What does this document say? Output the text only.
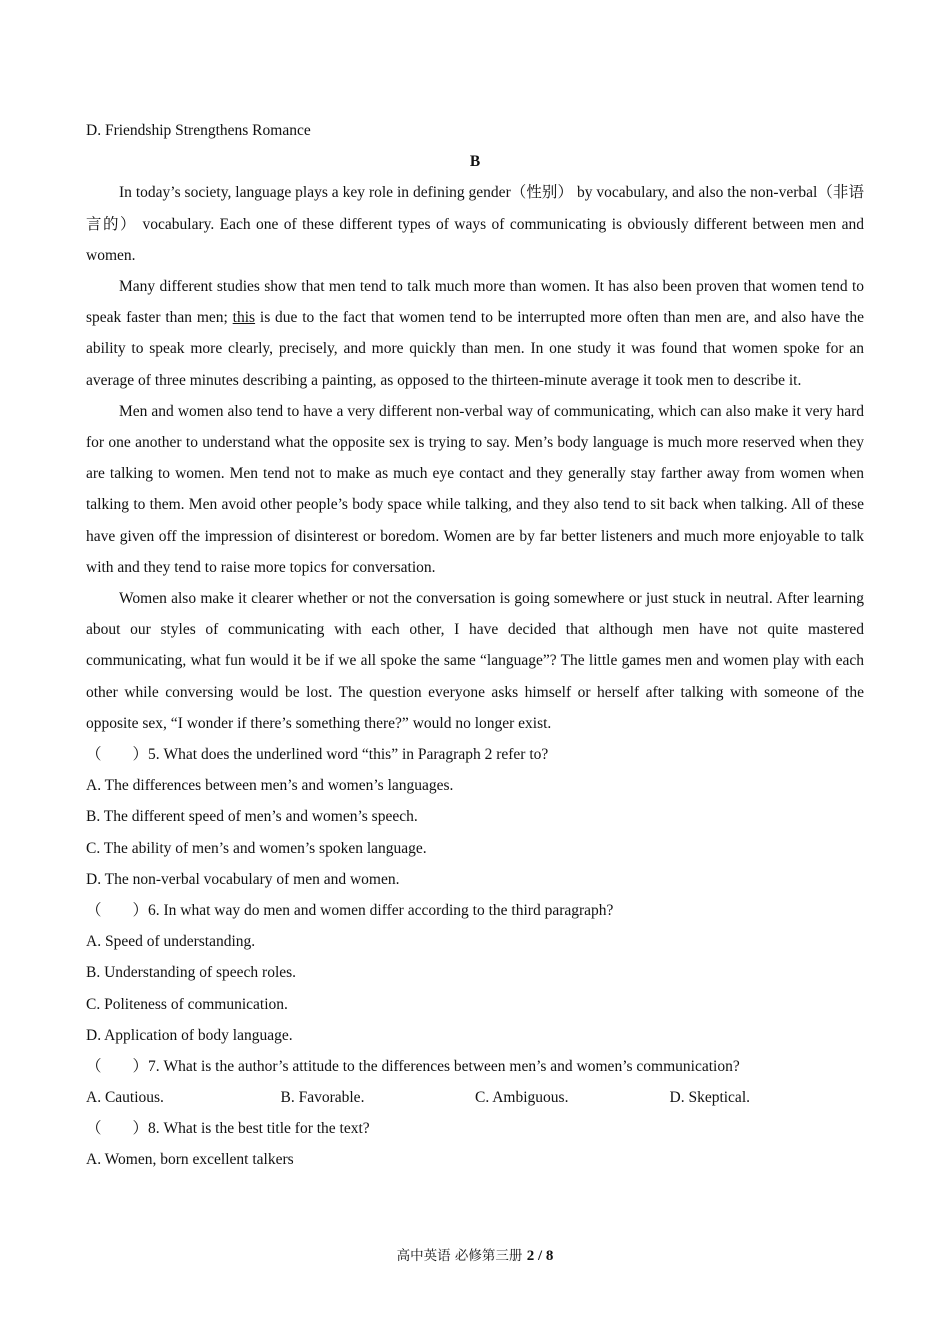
D. Friendship Strengthens Romance
B

In today’s society, language plays a key role in defining gender（性别） by vocabulary, and also the non-verbal（非语言的） vocabulary. Each one of these different types of ways of communicating is obviously different between men and women.

Many different studies show that men tend to talk much more than women. It has also been proven that women tend to speak faster than men; this is due to the fact that women tend to be interrupted more often than men are, and also have the ability to speak more clearly, precisely, and more quickly than men. In one study it was found that women spoke for an average of three minutes describing a painting, as opposed to the thirteen-minute average it took men to describe it.

Men and women also tend to have a very different non-verbal way of communicating, which can also make it very hard for one another to understand what the opposite sex is trying to say. Men’s body language is much more reserved when they are talking to women. Men tend not to make as much eye contact and they generally stay farther away from women when talking to them. Men avoid other people’s body space while talking, and they also tend to sit back when talking. All of these have given off the impression of disinterest or boredom. Women are by far better listeners and much more enjoyable to talk with and they tend to raise more topics for conversation.

Women also make it clearer whether or not the conversation is going somewhere or just stuck in neutral. After learning about our styles of communicating with each other, I have decided that although men have not quite mastered communicating, what fun would it be if we all spoke the same “language”? The little games men and women play with each other while conversing would be lost. The question everyone asks himself or herself after talking with someone of the opposite sex, “I wonder if there’s something there?” would no longer exist.

（　　）5. What does the underlined word “this” in Paragraph 2 refer to?
A. The differences between men’s and women’s languages.
B. The different speed of men’s and women’s speech.
C. The ability of men’s and women’s spoken language.
D. The non-verbal vocabulary of men and women.
（　　）6. In what way do men and women differ according to the third paragraph?
A. Speed of understanding.
B. Understanding of speech roles.
C. Politeness of communication.
D. Application of body language.
（　　）7. What is the author’s attitude to the differences between men’s and women’s communication?
A. Cautious.	B. Favorable.	C. Ambiguous.	D. Skeptical.
（　　）8. What is the best title for the text?
A. Women, born excellent talkers
高中英语 必修第三册 2 / 8
